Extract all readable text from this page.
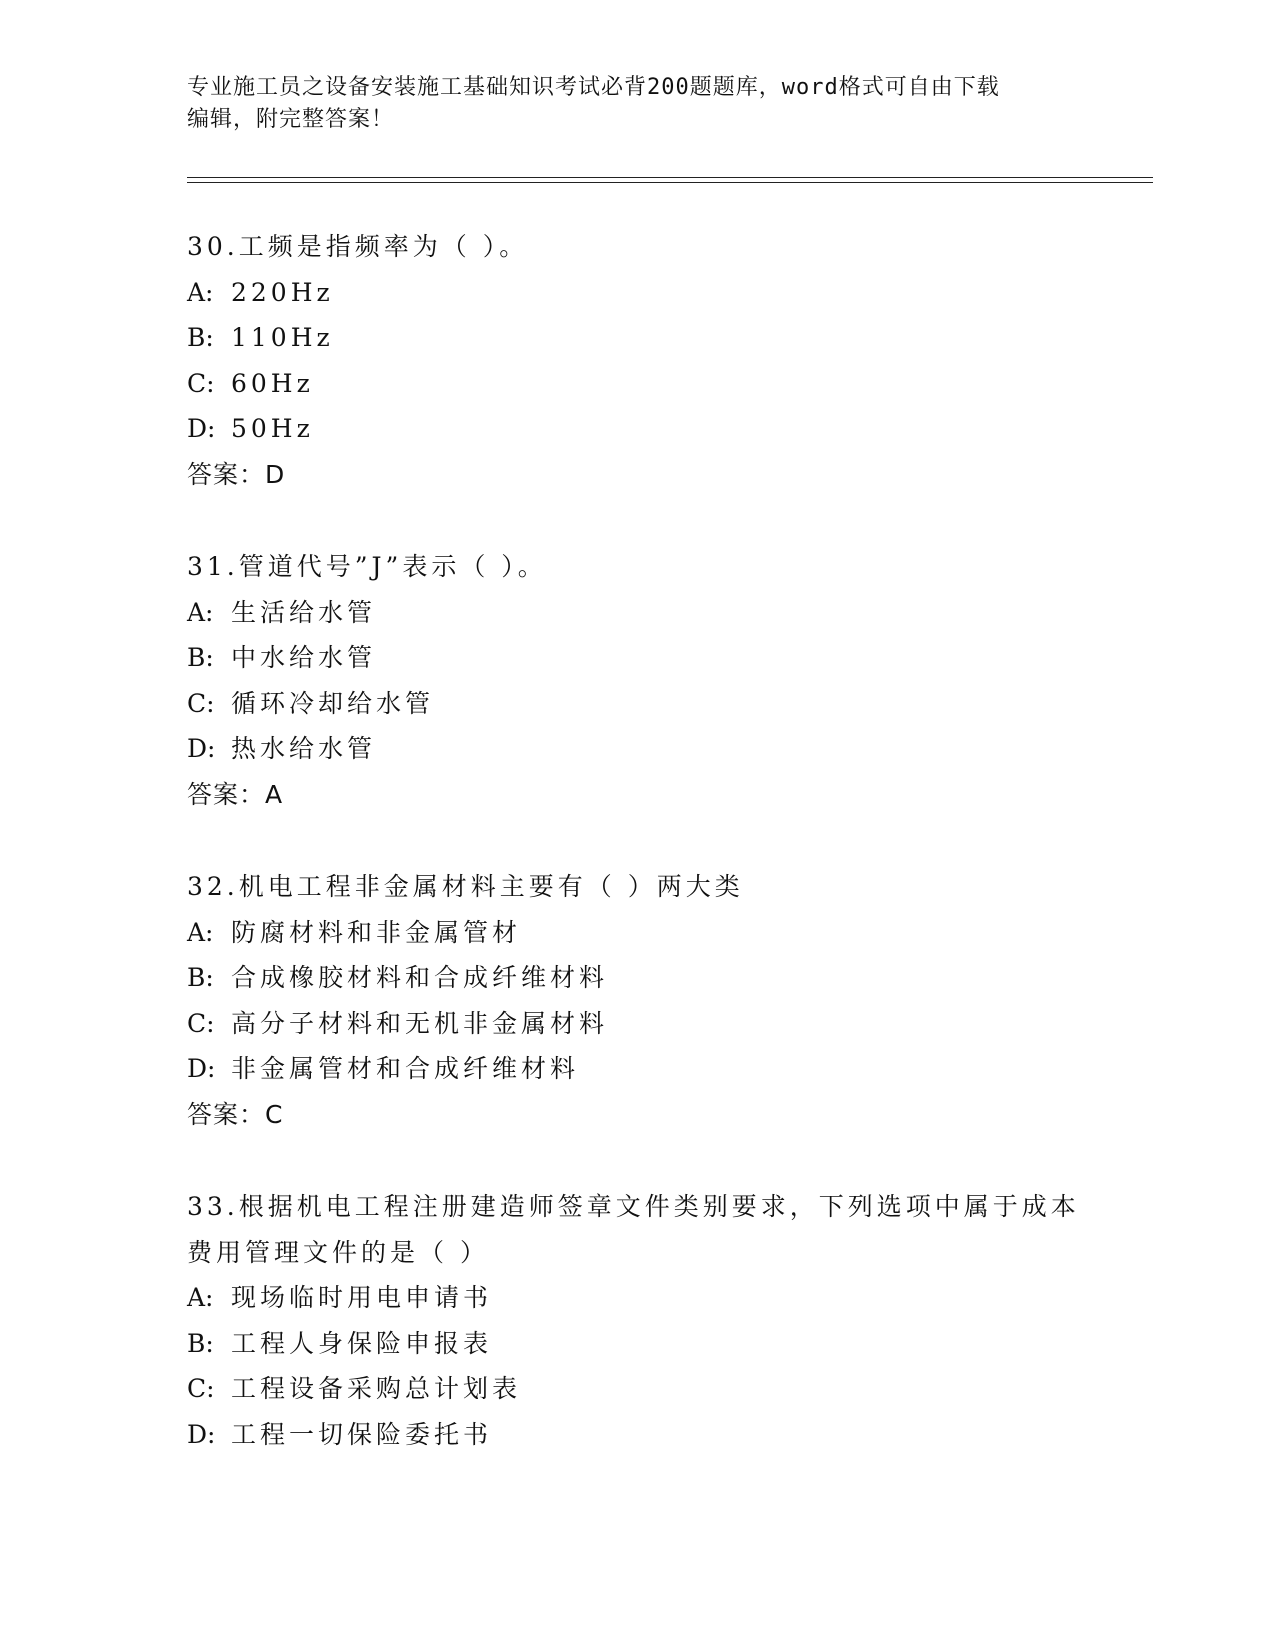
专业施工员之设备安装施工基础知识考试必背200题题库，word格式可自由下载
编辑，附完整答案！
30.工频是指频率为（ ）。
A: 220Hz
B: 110Hz
C: 60Hz
D: 50Hz
答案：D
31.管道代号”J”表示（ ）。
A: 生活给水管
B: 中水给水管
C: 循环冷却给水管
D: 热水给水管
答案：A
32.机电工程非金属材料主要有（ ）两大类
A: 防腐材料和非金属管材
B: 合成橡胶材料和合成纤维材料
C: 高分子材料和无机非金属材料
D: 非金属管材和合成纤维材料
答案：C
33.根据机电工程注册建造师签章文件类别要求，下列选项中属于成本
费用管理文件的是（ ）
A: 现场临时用电申请书
B: 工程人身保险申报表
C: 工程设备采购总计划表
D: 工程一切保险委托书
